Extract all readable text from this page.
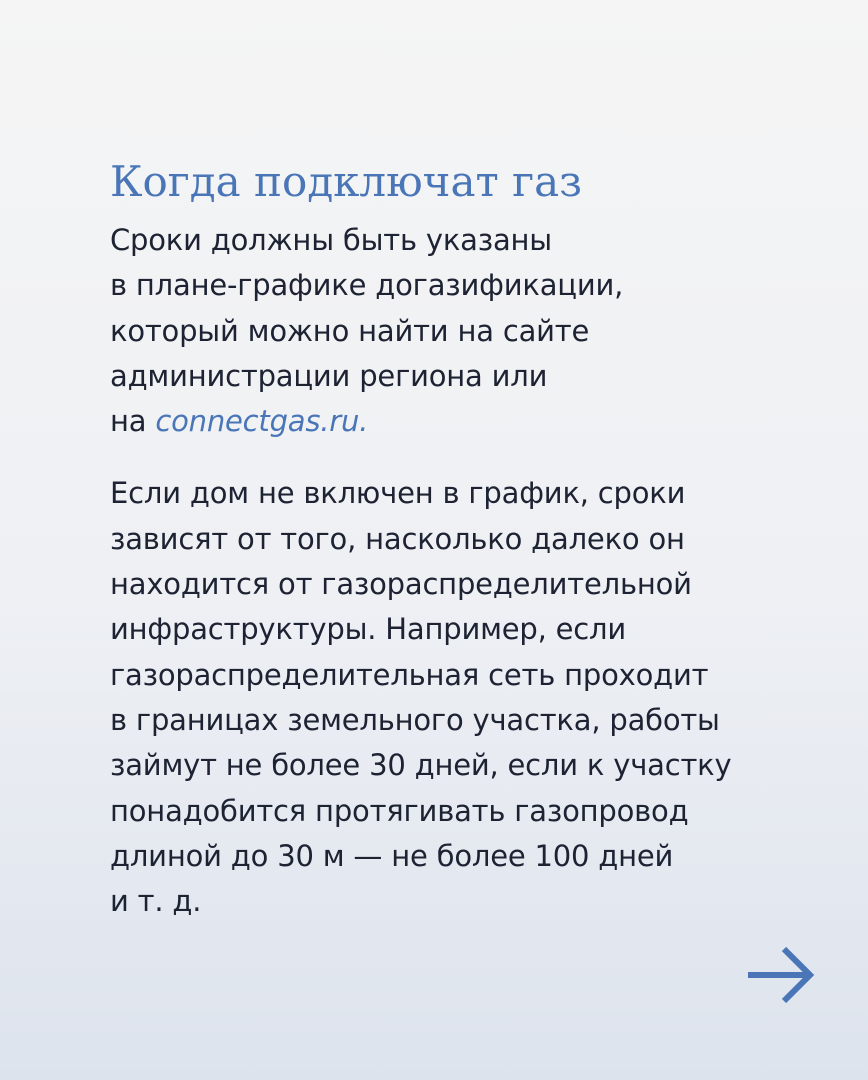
Когда подключат газ

Сроки должны быть указаны
в плане-графике догазификации,
который можно найти на сайте
администрации региона или
на connectgas.ru.

Если дом не включен в график, сроки
зависят от того, насколько далеко он
находится от газораспределительной
инфраструктуры. Например, если
газораспределительная сеть проходит
в границах земельного участка, работы
займут не более 30 дней, если к участку
понадобится протягивать газопровод
длиной до 30 м — не более 100 дней
и т. д.
